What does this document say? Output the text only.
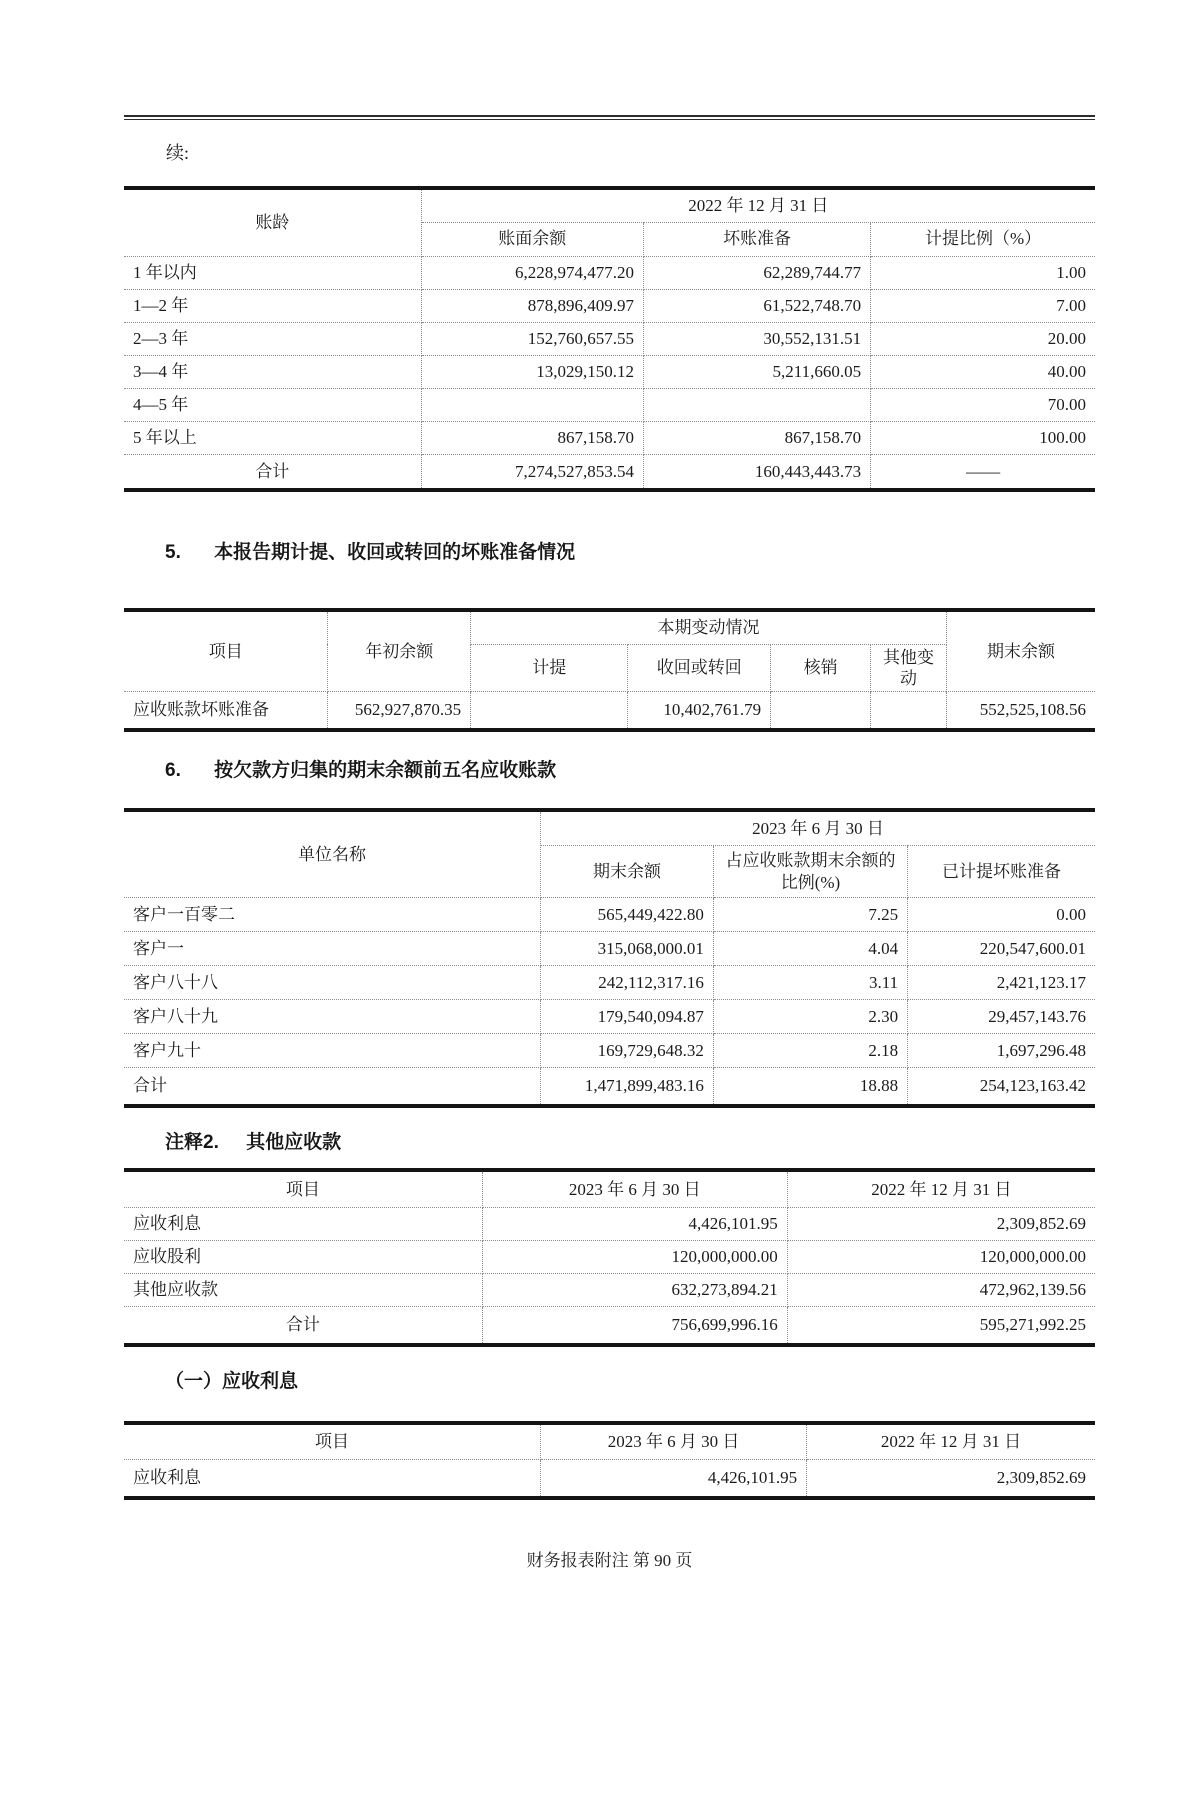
续:
账龄	2022 年 12 月 31 日		
	账面余额	坏账准备	计提比例（%）
1 年以内	6,228,974,477.20	62,289,744.77	1.00
1—2 年	878,896,409.97	61,522,748.70	7.00
2—3 年	152,760,657.55	30,552,131.51	20.00
3—4 年	13,029,150.12	5,211,660.05	40.00
4—5 年			70.00
5 年以上	867,158.70	867,158.70	100.00
合计	7,274,527,853.54	160,443,443.73	——
5. 本报告期计提、收回或转回的坏账准备情况
项目	年初余额	本期变动情况				期末余额
		计提	收回或转回	核销	其他变动	
应收账款坏账准备	562,927,870.35		10,402,761.79			552,525,108.56
6. 按欠款方归集的期末余额前五名应收账款
单位名称	2023 年 6 月 30 日		
	期末余额	占应收账款期末余额的比例(%)	已计提坏账准备
客户一百零二	565,449,422.80	7.25	0.00
客户一	315,068,000.01	4.04	220,547,600.01
客户八十八	242,112,317.16	3.11	2,421,123.17
客户八十九	179,540,094.87	2.30	29,457,143.76
客户九十	169,729,648.32	2.18	1,697,296.48
合计	1,471,899,483.16	18.88	254,123,163.42
注释2. 其他应收款
项目	2023 年 6 月 30 日	2022 年 12 月 31 日
应收利息	4,426,101.95	2,309,852.69
应收股利	120,000,000.00	120,000,000.00
其他应收款	632,273,894.21	472,962,139.56
合计	756,699,996.16	595,271,992.25
（一）应收利息
项目	2023 年 6 月 30 日	2022 年 12 月 31 日
应收利息	4,426,101.95	2,309,852.69
财务报表附注 第 90 页
